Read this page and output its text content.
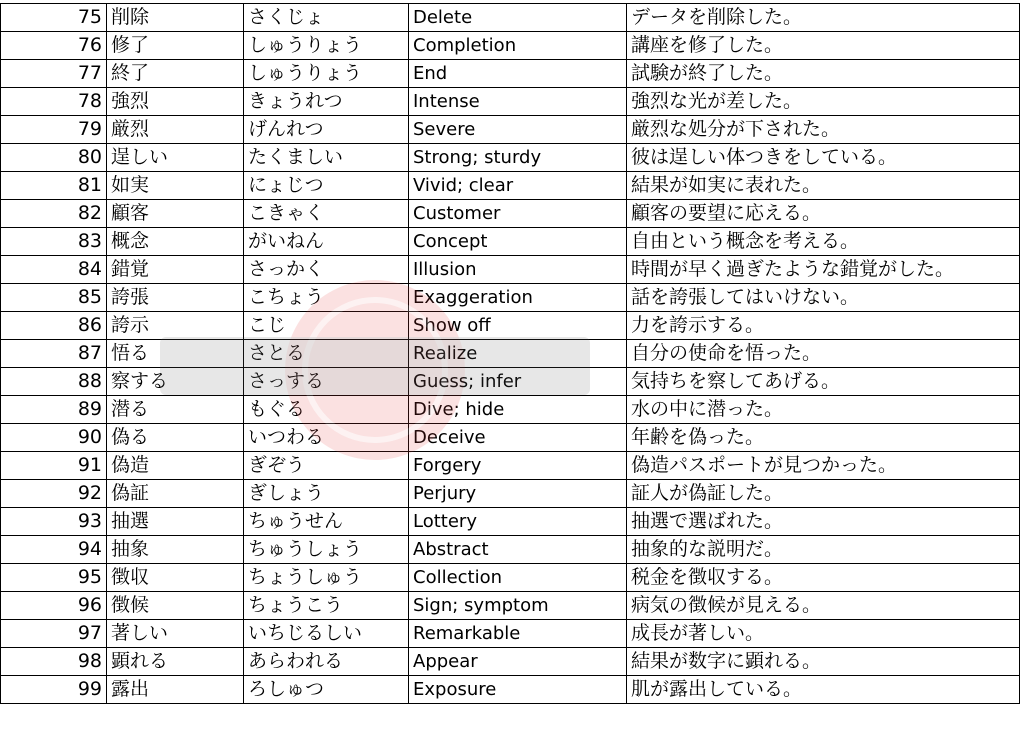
75	削除	さくじょ	Delete	データを削除した。
76	修了	しゅうりょう	Completion	講座を修了した。
77	終了	しゅうりょう	End	試験が終了した。
78	強烈	きょうれつ	Intense	強烈な光が差した。
79	厳烈	げんれつ	Severe	厳烈な処分が下された。
80	逞しい	たくましい	Strong; sturdy	彼は逞しい体つきをしている。
81	如実	にょじつ	Vivid; clear	結果が如実に表れた。
82	顧客	こきゃく	Customer	顧客の要望に応える。
83	概念	がいねん	Concept	自由という概念を考える。
84	錯覚	さっかく	Illusion	時間が早く過ぎたような錯覚がした。
85	誇張	こちょう	Exaggeration	話を誇張してはいけない。
86	誇示	こじ	Show off	力を誇示する。
87	悟る	さとる	Realize	自分の使命を悟った。
88	察する	さっする	Guess; infer	気持ちを察してあげる。
89	潜る	もぐる	Dive; hide	水の中に潜った。
90	偽る	いつわる	Deceive	年齢を偽った。
91	偽造	ぎぞう	Forgery	偽造パスポートが見つかった。
92	偽証	ぎしょう	Perjury	証人が偽証した。
93	抽選	ちゅうせん	Lottery	抽選で選ばれた。
94	抽象	ちゅうしょう	Abstract	抽象的な説明だ。
95	徴収	ちょうしゅう	Collection	税金を徴収する。
96	徴候	ちょうこう	Sign; symptom	病気の徴候が見える。
97	著しい	いちじるしい	Remarkable	成長が著しい。
98	顕れる	あらわれる	Appear	結果が数字に顕れる。
99	露出	ろしゅつ	Exposure	肌が露出している。
